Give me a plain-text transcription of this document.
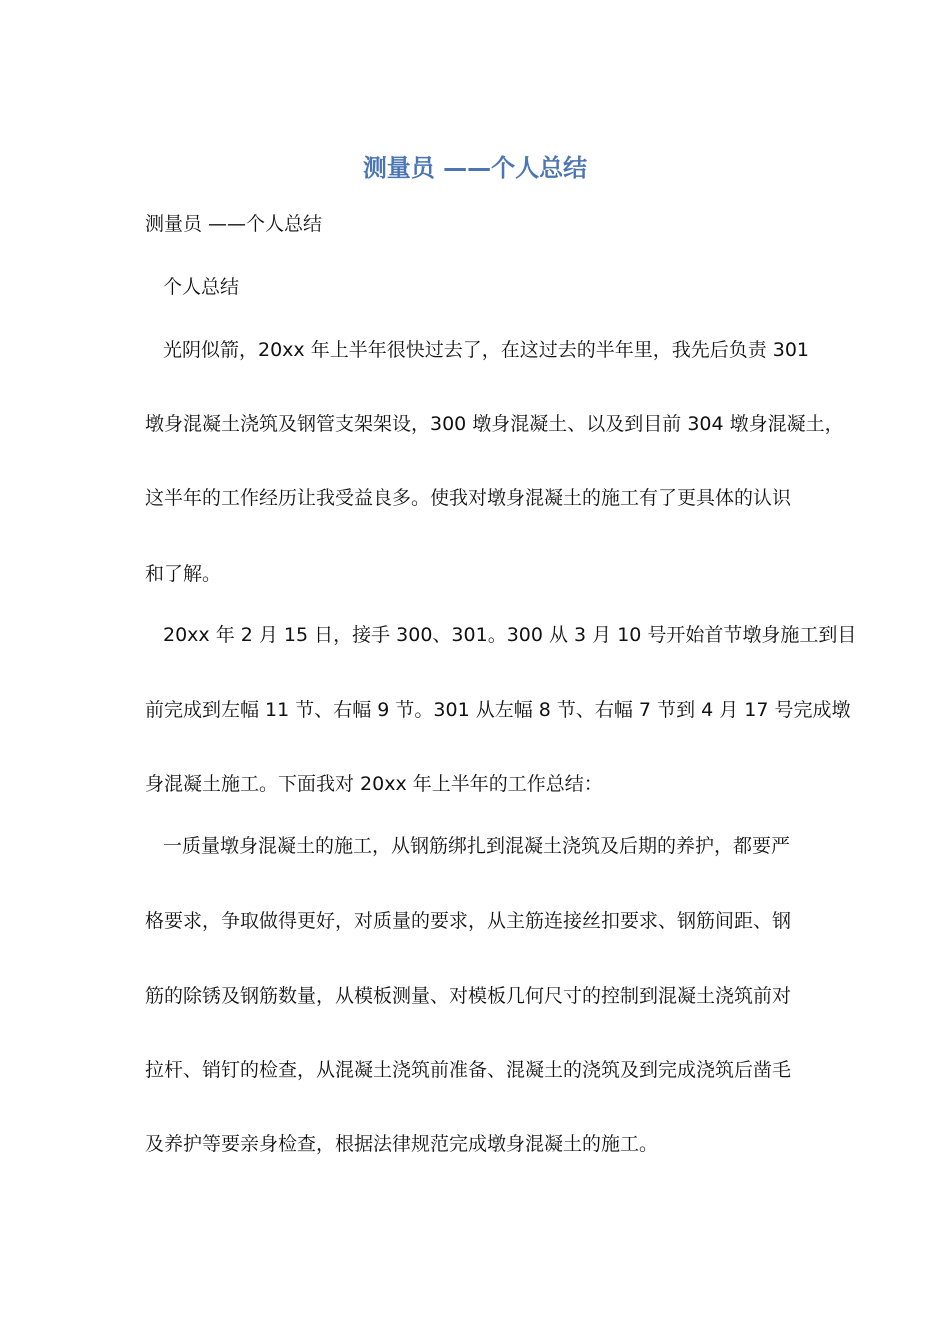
测量员 ——个人总结

测量员 ——个人总结

个人总结

光阴似箭，20xx 年上半年很快过去了，在这过去的半年里，我先后负责 301

墩身混凝土浇筑及钢管支架架设，300 墩身混凝土、以及到目前 304 墩身混凝土，

这半年的工作经历让我受益良多。使我对墩身混凝土的施工有了更具体的认识

和了解。

20xx 年 2 月 15 日，接手 300、301。300 从 3 月 10 号开始首节墩身施工到目

前完成到左幅 11 节、右幅 9 节。301 从左幅 8 节、右幅 7 节到 4 月 17 号完成墩

身混凝土施工。下面我对 20xx 年上半年的工作总结：

一质量墩身混凝土的施工，从钢筋绑扎到混凝土浇筑及后期的养护，都要严

格要求，争取做得更好，对质量的要求，从主筋连接丝扣要求、钢筋间距、钢

筋的除锈及钢筋数量，从模板测量、对模板几何尺寸的控制到混凝土浇筑前对

拉杆、销钉的检查，从混凝土浇筑前准备、混凝土的浇筑及到完成浇筑后凿毛

及养护等要亲身检查，根据法律规范完成墩身混凝土的施工。
